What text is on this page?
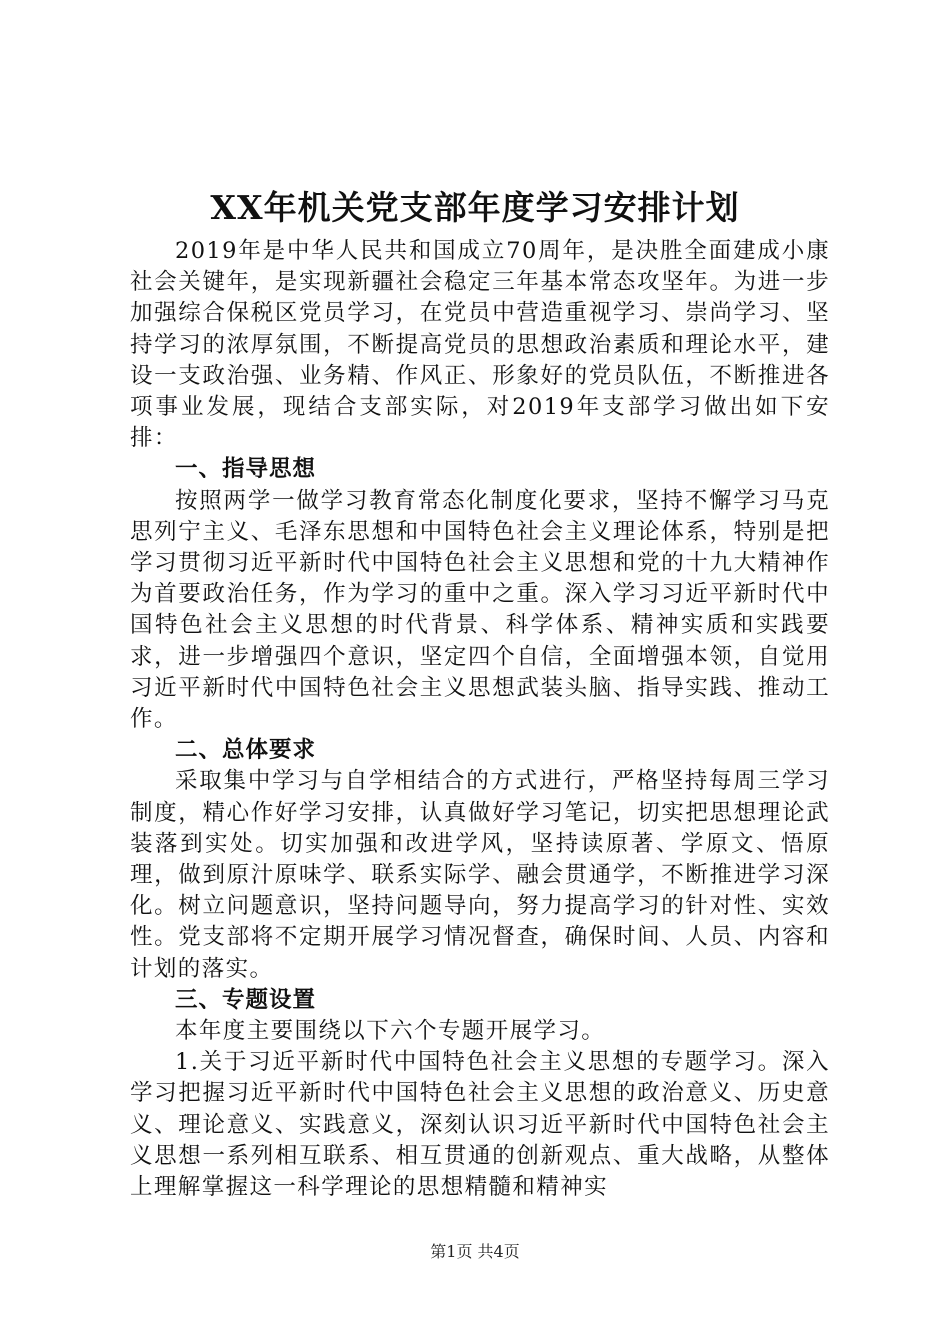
XX年机关党支部年度学习安排计划

2019年是中华人民共和国成立70周年，是决胜全面建成小康社会关键年，是实现新疆社会稳定三年基本常态攻坚年。为进一步加强综合保税区党员学习，在党员中营造重视学习、崇尚学习、坚持学习的浓厚氛围，不断提高党员的思想政治素质和理论水平，建设一支政治强、业务精、作风正、形象好的党员队伍，不断推进各项事业发展，现结合支部实际，对2019年支部学习做出如下安排：

一、指导思想

按照两学一做学习教育常态化制度化要求，坚持不懈学习马克思列宁主义、毛泽东思想和中国特色社会主义理论体系，特别是把学习贯彻习近平新时代中国特色社会主义思想和党的十九大精神作为首要政治任务，作为学习的重中之重。深入学习习近平新时代中国特色社会主义思想的时代背景、科学体系、精神实质和实践要求，进一步增强四个意识，坚定四个自信，全面增强本领，自觉用习近平新时代中国特色社会主义思想武装头脑、指导实践、推动工作。

二、总体要求

采取集中学习与自学相结合的方式进行，严格坚持每周三学习制度，精心作好学习安排，认真做好学习笔记，切实把思想理论武装落到实处。切实加强和改进学风，坚持读原著、学原文、悟原理，做到原汁原味学、联系实际学、融会贯通学，不断推进学习深化。树立问题意识，坚持问题导向，努力提高学习的针对性、实效性。党支部将不定期开展学习情况督查，确保时间、人员、内容和计划的落实。

三、专题设置

本年度主要围绕以下六个专题开展学习。

1.关于习近平新时代中国特色社会主义思想的专题学习。深入学习把握习近平新时代中国特色社会主义思想的政治意义、历史意义、理论意义、实践意义，深刻认识习近平新时代中国特色社会主义思想一系列相互联系、相互贯通的创新观点、重大战略，从整体上理解掌握这一科学理论的思想精髓和精神实

第1页 共4页
